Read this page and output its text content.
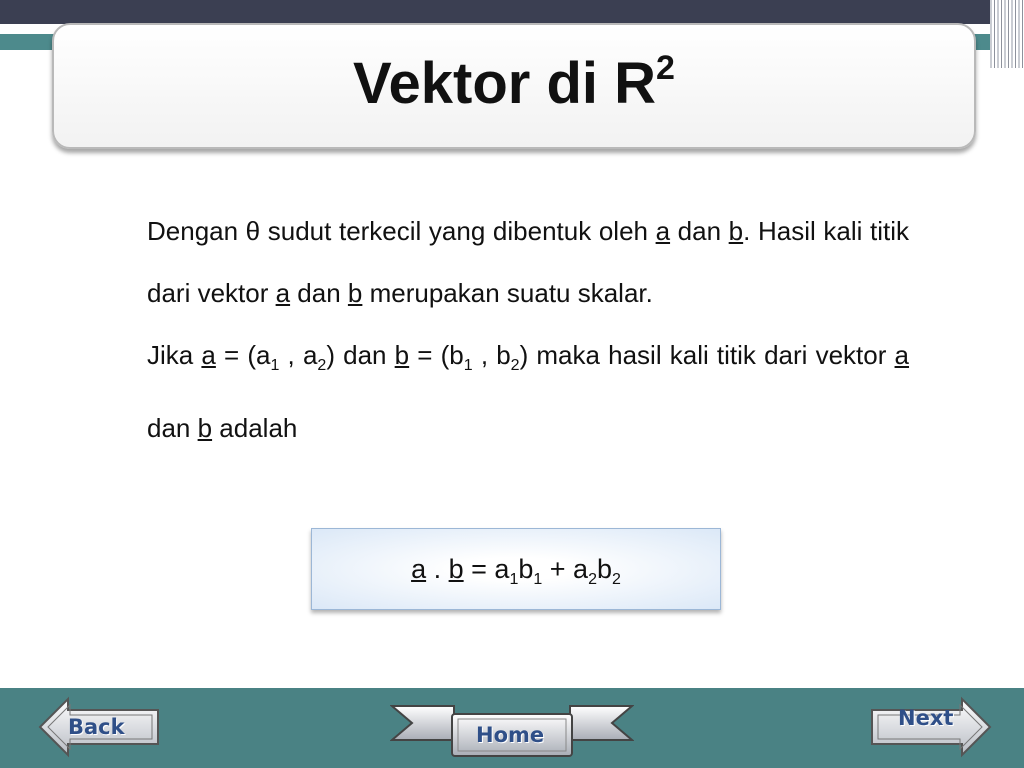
Vektor di $R^2$

Dengan θ sudut terkecil yang dibentuk oleh a dan b. Hasil kali titik dari vektor a dan b merupakan suatu skalar.

Jika $a = (a_1$ , $a_2$) dan $b = (b_1$ , $b_2$) maka hasil kali titik dari vektor a dan b adalah

a . $b = a_1b_1 + a_2b_2$
Back	Home
Next
